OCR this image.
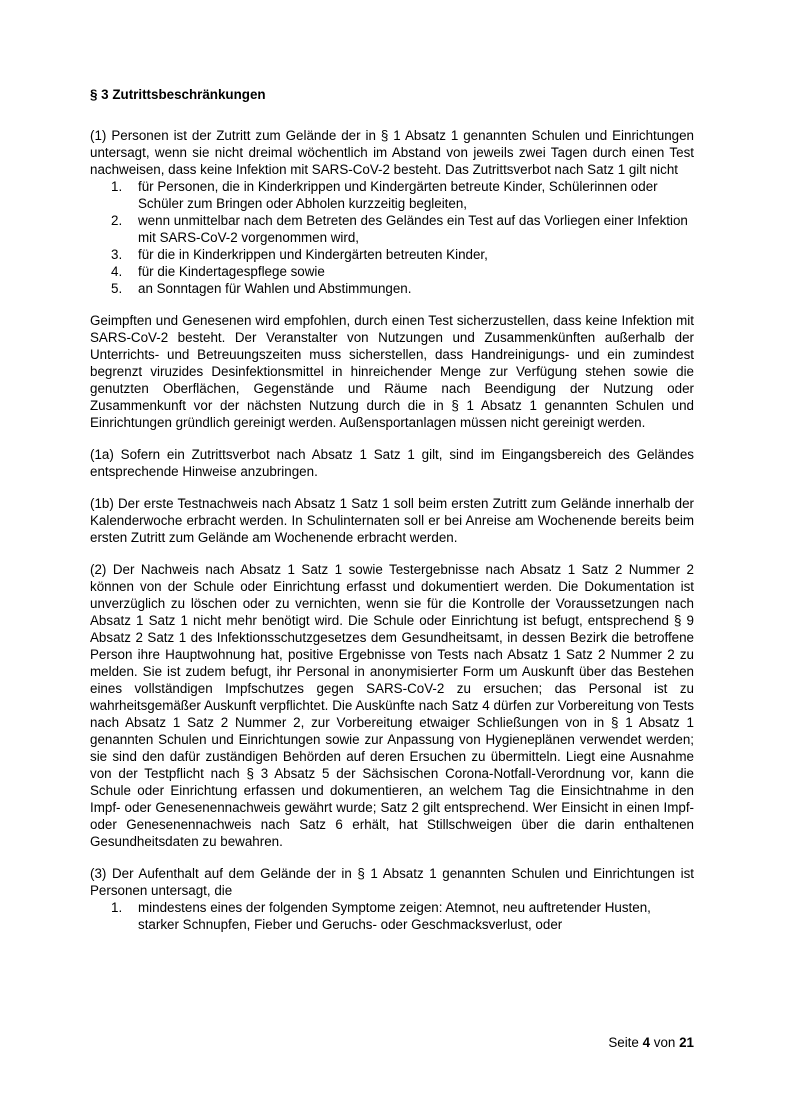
§ 3 Zutrittsbeschränkungen

(1) Personen ist der Zutritt zum Gelände der in § 1 Absatz 1 genannten Schulen und Einrichtungen untersagt, wenn sie nicht dreimal wöchentlich im Abstand von jeweils zwei Tagen durch einen Test nachweisen, dass keine Infektion mit SARS-CoV-2 besteht. Das Zutrittsverbot nach Satz 1 gilt nicht

1. für Personen, die in Kinderkrippen und Kindergärten betreute Kinder, Schülerinnen oder Schüler zum Bringen oder Abholen kurzzeitig begleiten,
2. wenn unmittelbar nach dem Betreten des Geländes ein Test auf das Vorliegen einer Infektion mit SARS-CoV-2 vorgenommen wird,
3. für die in Kinderkrippen und Kindergärten betreuten Kinder,
4. für die Kindertagespflege sowie
5. an Sonntagen für Wahlen und Abstimmungen.

Geimpften und Genesenen wird empfohlen, durch einen Test sicherzustellen, dass keine Infektion mit SARS-CoV-2 besteht. Der Veranstalter von Nutzungen und Zusammenkünften außerhalb der Unterrichts- und Betreuungszeiten muss sicherstellen, dass Handreinigungs- und ein zumindest begrenzt viruzides Desinfektionsmittel in hinreichender Menge zur Verfügung stehen sowie die genutzten Oberflächen, Gegenstände und Räume nach Beendigung der Nutzung oder Zusammenkunft vor der nächsten Nutzung durch die in § 1 Absatz 1 genannten Schulen und Einrichtungen gründlich gereinigt werden. Außensportanlagen müssen nicht gereinigt werden.

(1a) Sofern ein Zutrittsverbot nach Absatz 1 Satz 1 gilt, sind im Eingangsbereich des Geländes entsprechende Hinweise anzubringen.

(1b) Der erste Testnachweis nach Absatz 1 Satz 1 soll beim ersten Zutritt zum Gelände innerhalb der Kalenderwoche erbracht werden. In Schulinternaten soll er bei Anreise am Wochenende bereits beim ersten Zutritt zum Gelände am Wochenende erbracht werden.

(2) Der Nachweis nach Absatz 1 Satz 1 sowie Testergebnisse nach Absatz 1 Satz 2 Nummer 2 können von der Schule oder Einrichtung erfasst und dokumentiert werden. Die Dokumentation ist unverzüglich zu löschen oder zu vernichten, wenn sie für die Kontrolle der Voraussetzungen nach Absatz 1 Satz 1 nicht mehr benötigt wird. Die Schule oder Einrichtung ist befugt, entsprechend § 9 Absatz 2 Satz 1 des Infektionsschutzgesetzes dem Gesundheitsamt, in dessen Bezirk die betroffene Person ihre Hauptwohnung hat, positive Ergebnisse von Tests nach Absatz 1 Satz 2 Nummer 2 zu melden. Sie ist zudem befugt, ihr Personal in anonymisierter Form um Auskunft über das Bestehen eines vollständigen Impfschutzes gegen SARS-CoV-2 zu ersuchen; das Personal ist zu wahrheitsgemäßer Auskunft verpflichtet. Die Auskünfte nach Satz 4 dürfen zur Vorbereitung von Tests nach Absatz 1 Satz 2 Nummer 2, zur Vorbereitung etwaiger Schließungen von in § 1 Absatz 1 genannten Schulen und Einrichtungen sowie zur Anpassung von Hygieneplänen verwendet werden; sie sind den dafür zuständigen Behörden auf deren Ersuchen zu übermitteln. Liegt eine Ausnahme von der Testpflicht nach § 3 Absatz 5 der Sächsischen Corona-Notfall-Verordnung vor, kann die Schule oder Einrichtung erfassen und dokumentieren, an welchem Tag die Einsichtnahme in den Impf- oder Genesenennachweis gewährt wurde; Satz 2 gilt entsprechend. Wer Einsicht in einen Impf- oder Genesenennachweis nach Satz 6 erhält, hat Stillschweigen über die darin enthaltenen Gesundheitsdaten zu bewahren.

(3) Der Aufenthalt auf dem Gelände der in § 1 Absatz 1 genannten Schulen und Einrichtungen ist Personen untersagt, die

1. mindestens eines der folgenden Symptome zeigen: Atemnot, neu auftretender Husten, starker Schnupfen, Fieber und Geruchs- oder Geschmacksverlust, oder
Seite 4 von 21
